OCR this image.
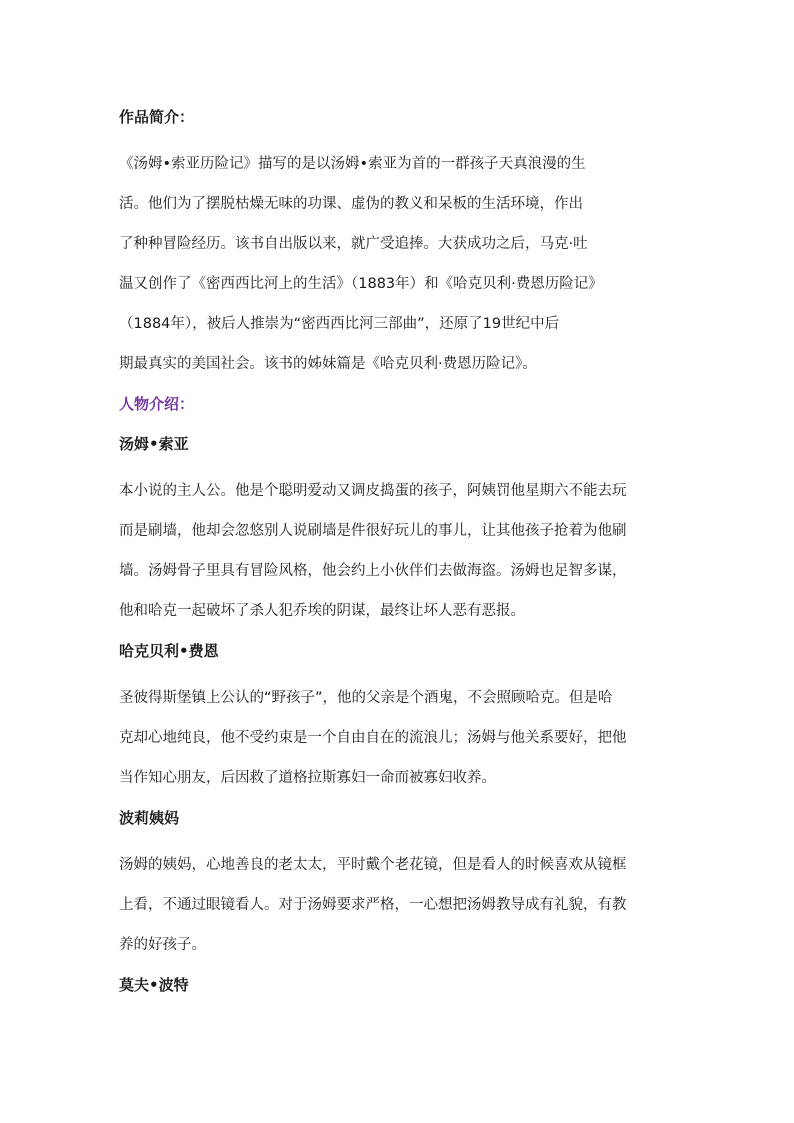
作品简介：
《汤姆•索亚历险记》描写的是以汤姆•索亚为首的一群孩子天真浪漫的生
活。他们为了摆脱枯燥无味的功课、虚伪的教义和呆板的生活环境，作出
了种种冒险经历。该书自出版以来，就广受追捧。大获成功之后，马克·吐
温又创作了《密西西比河上的生活》（1883年）和《哈克贝利·费恩历险记》
（1884年），被后人推崇为“密西西比河三部曲”，还原了19世纪中后
期最真实的美国社会。该书的姊妹篇是《哈克贝利·费恩历险记》。
人物介绍：
汤姆•索亚
本小说的主人公。他是个聪明爱动又调皮捣蛋的孩子，阿姨罚他星期六不能去玩
而是刷墙，他却会忽悠别人说刷墙是件很好玩儿的事儿，让其他孩子抢着为他刷
墙。汤姆骨子里具有冒险风格，他会约上小伙伴们去做海盗。汤姆也足智多谋，
他和哈克一起破坏了杀人犯乔埃的阴谋，最终让坏人恶有恶报。
哈克贝利•费恩
圣彼得斯堡镇上公认的“野孩子”，他的父亲是个酒鬼，不会照顾哈克。但是哈
克却心地纯良，他不受约束是一个自由自在的流浪儿；汤姆与他关系要好，把他
当作知心朋友，后因救了道格拉斯寡妇一命而被寡妇收养。
波莉姨妈
汤姆的姨妈，心地善良的老太太，平时戴个老花镜，但是看人的时候喜欢从镜框
上看，不通过眼镜看人。对于汤姆要求严格，一心想把汤姆教导成有礼貌，有教
养的好孩子。
莫夫•波特
